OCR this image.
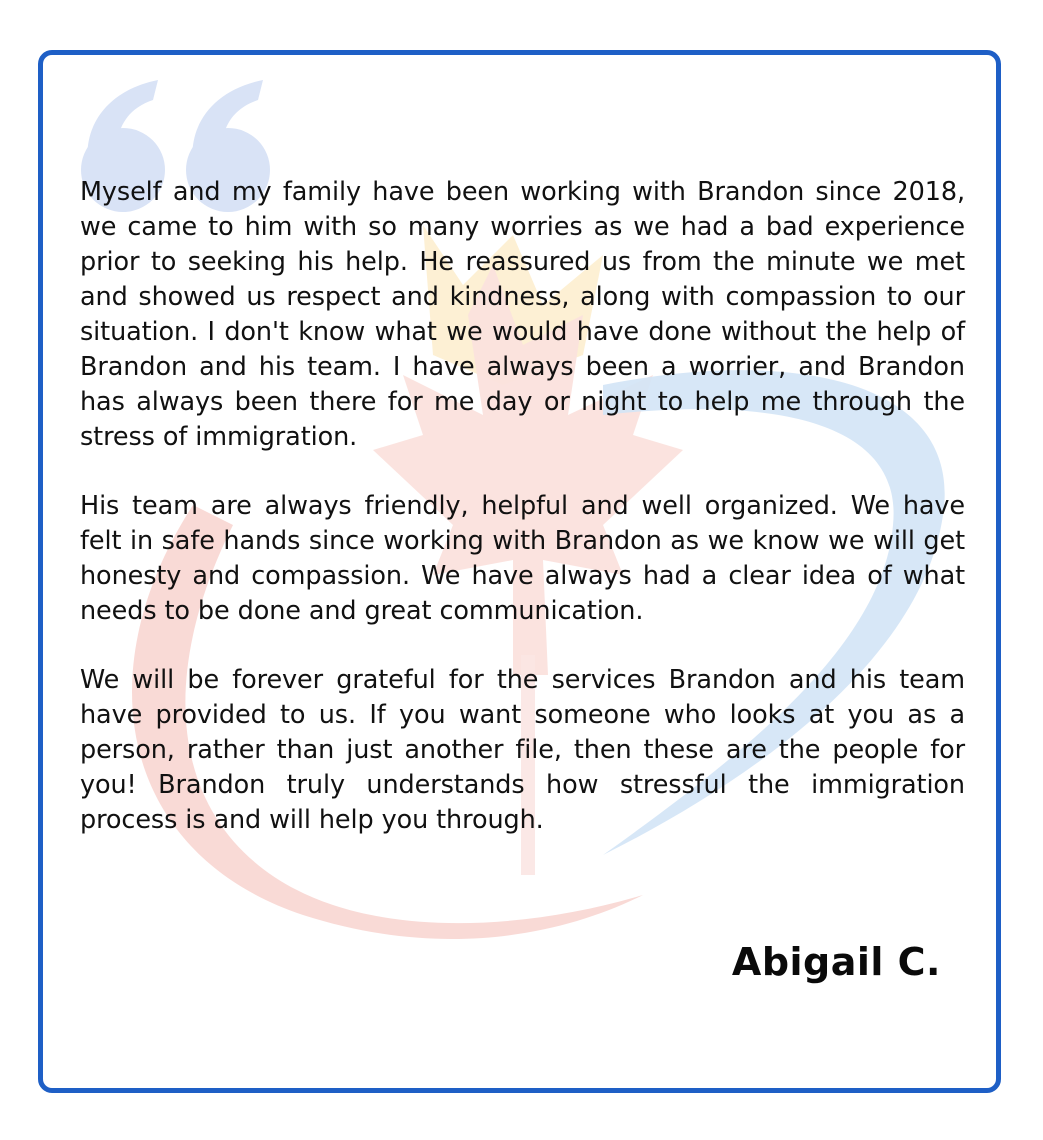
Myself and my family have been working with Brandon since 2018, we came to him with so many worries as we had a bad experience prior to seeking his help. He reassured us from the minute we met and showed us respect and kindness, along with compassion to our situation. I don't know what we would have done without the help of Brandon and his team. I have always been a worrier, and Brandon has always been there for me day or night to help me through the stress of immigration.

His team are always friendly, helpful and well organized. We have felt in safe hands since working with Brandon as we know we will get honesty and compassion. We have always had a clear idea of what needs to be done and great communication.

We will be forever grateful for the services Brandon and his team have provided to us. If you want someone who looks at you as a person, rather than just another file, then these are the people for you! Brandon truly understands how stressful the immigration process is and will help you through.

Abigail C.
